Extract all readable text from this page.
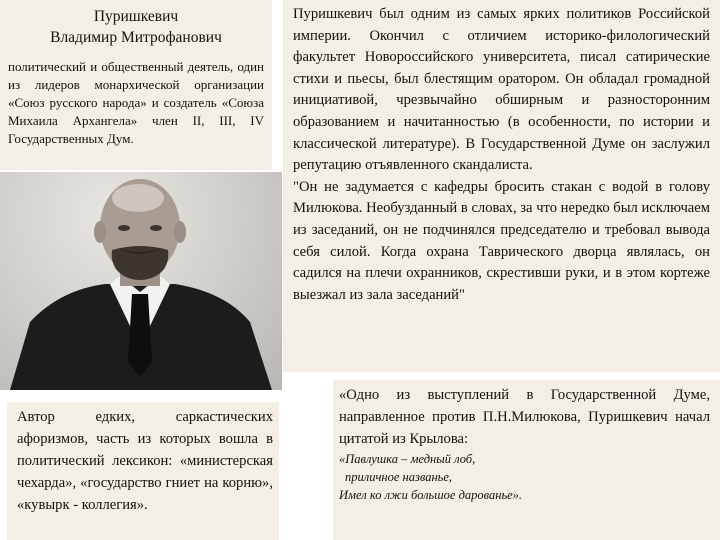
Пуришкевич
Владимир Митрофанович

политический и общественный деятель, один из лидеров монархической организации «Союз русского народа» и создатель «Союза Михаила Архангела» член II, III, IV Государственных Дум.

Пуришкевич был одним из самых ярких политиков Российской империи. Окончил с отличием историко-филологический факультет Новороссийского университета, писал сатирические стихи и пьесы, был блестящим оратором. Он обладал громадной инициативой, чрезвычайно обширным и разносторонним образованием и начитанностью (в особенности, по истории и классической литературе). В Государственной Думе он заслужил репутацию отъявленного скандалиста.

"Он не задумается с кафедры бросить стакан с водой в голову Милюкова. Необузданный в словах, за что нередко был исключаем из заседаний, он не подчинялся председателю и требовал вывода себя силой. Когда охрана Таврического дворца являлась, он садился на плечи охранников, скрестивши руки, и в этом кортеже выезжал из зала заседаний"

Автор едких, саркастических афоризмов, часть из которых вошла в политический лексикон: «министерская чехарда», «государство гниет на корню», «кувырк - коллегия».

«Одно из выступлений в Государственной Думе, направленное против П.Н.Милюкова, Пуришкевич начал цитатой из Крылова:

«Павлушка – медный лоб,

приличное названье,

Имел ко лжи большое дарованье».
